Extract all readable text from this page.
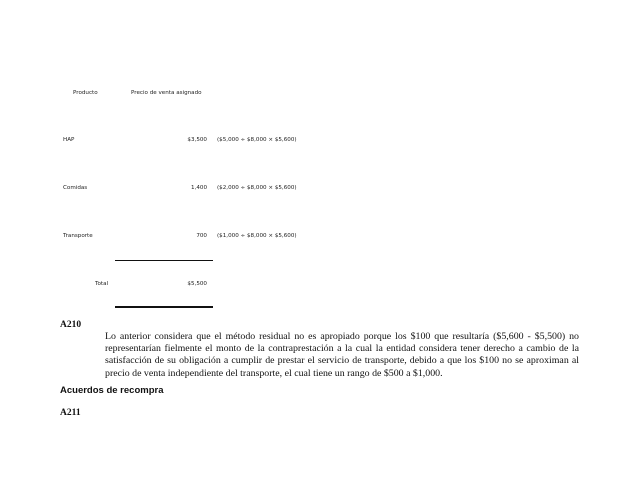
Producto	Precio de venta asignado
HAP	$3,500 ($5,000 ÷ $8,000 × $5,600)
Comidas	1,400 ($2,000 ÷ $8,000 × $5,600)
Transporte	700 ($1,000 ÷ $8,000 × $5,600)
Total	$5,500
A210
Lo anterior considera que el método residual no es apropiado porque los $100 que resultaría ($5,600 - $5,500) no representarían fielmente el monto de la contraprestación a la cual la entidad considera tener derecho a cambio de la satisfacción de su obligación a cumplir de prestar el servicio de transporte, debido a que los $100 no se aproximan al precio de venta independiente del transporte, el cual tiene un rango de $500 a $1,000.
Acuerdos de recompra
A211
